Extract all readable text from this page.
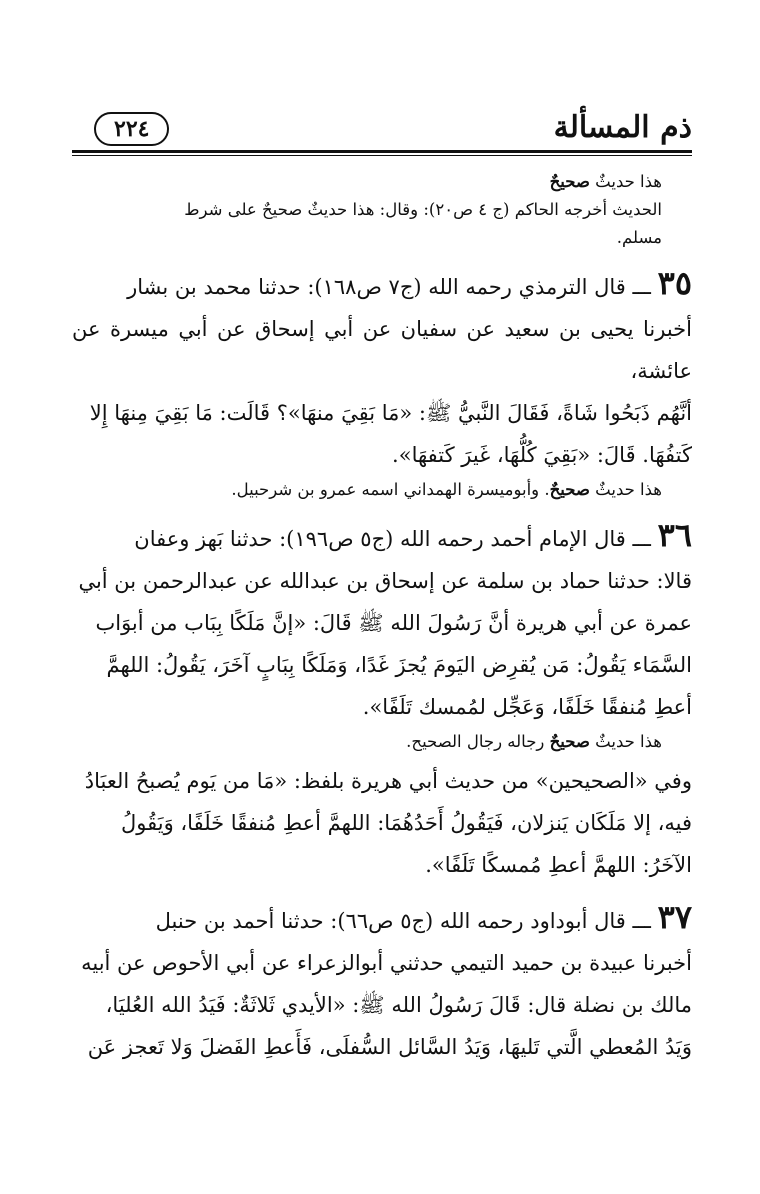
ذم المسألة
٢٢٤

هذا حديثٌ صحيحٌ

الحديث أخرجه الحاكم (ج ٤ ص٢٠): وقال: هذا حديثٌ صحيحٌ على شرط

مسلم.

٣٥ ـــ قال الترمذي رحمه الله (ج٧ ص١٦٨): حدثنا محمد بن بشار

أخبرنا يحيى بن سعيد عن سفيان عن أبي إسحاق عن أبي ميسرة عن عائشة،

أنَّهُم ذَبَحُوا شَاةً، فَقَالَ النَّبيُّ ﷺ: «مَا بَقِيَ منهَا»؟ قَالَت: مَا بَقِيَ مِنهَا إِلا

كَتفُهَا. قَالَ: «بَقِيَ كُلُّهَا، غَيرَ كَتفهَا».

هذا حديثٌ صحيحٌ. وأبوميسرة الهمداني اسمه عمرو بن شرحبيل.

٣٦ ـــ قال الإمام أحمد رحمه الله (ج٥ ص١٩٦): حدثنا بَهز وعفان

قالا: حدثنا حماد بن سلمة عن إسحاق بن عبدالله عن عبدالرحمن بن أبي

عمرة عن أبي هريرة أنَّ رَسُولَ الله ﷺ قَالَ: «إنَّ مَلَكًا بِبَاب من أبوَاب

السَّمَاء يَقُولُ: مَن يُقرِض اليَومَ يُجزَ غَدًا، وَمَلَكًا بِبَابٍ آخَرَ، يَقُولُ: اللهمَّ

أعطِ مُنفقًا خَلَفًا، وَعَجِّل لمُمسك تَلَفًا».

هذا حديثٌ صحيحٌ رجاله رجال الصحيح.

وفي «الصحيحين» من حديث أبي هريرة بلفظ: «مَا من يَوم يُصبحُ العبَادُ

فيه، إلا مَلَكَان يَنزلان، فَيَقُولُ أَحَدُهُمَا: اللهمَّ أعطِ مُنفقًا خَلَفًا، وَيَقُولُ

الآخَرُ: اللهمَّ أعطِ مُمسكًا تَلَفًا».

٣٧ ـــ قال أبوداود رحمه الله (ج٥ ص٦٦): حدثنا أحمد بن حنبل

أخبرنا عبيدة بن حميد التيمي حدثني أبوالزعراء عن أبي الأحوص عن أبيه

مالك بن نضلة قال: قَالَ رَسُولُ الله ﷺ: «الأيدي ثَلاثَةٌ: فَيَدُ الله العُليَا،

وَيَدُ المُعطي الَّتي تَليهَا، وَيَدُ السَّائل السُّفلَى، فَأَعطِ الفَضلَ وَلا تَعجز عَن
